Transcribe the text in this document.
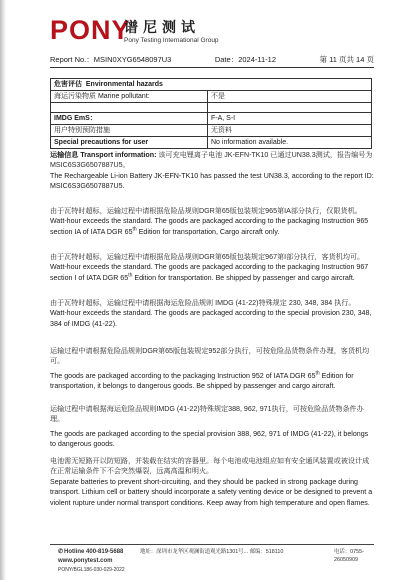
PONY
谱尼测试
Pony Testing International Group
Report No.：MSIN0XYG6548097U3	Date：2024-11-12	第 11 页共 14 页
危害评估 Environmental hazards	
海运污染物质 Marine pollutant:	不是

IMDG EmS：	F-A, S-I
用户特别预防措施	无资料
Special precautions for user	No information available.

运输信息 Transport information: 该可充电锂离子电池 JK-EFN-TK10 已通过UN38.3测试，报告编号为MSIC6S3G6507887U5。

The Rechargeable Li-ion Battery JK-EFN-TK10 has passed the test UN38.3, according to the report ID: MSIC6S3G6507887U5.

由于瓦特时超标，运输过程中请根据危险品规则DGR第65版包装规定965第IA部分执行，仅限货机。

Watt-hour exceeds the standard. The goods are packaged according to the packaging Instruction 965 section IA of IATA DGR 65th Edition for transportation, Cargo aircraft only.

由于瓦特时超标，运输过程中请根据危险品规则DGR第65版包装规定967第I部分执行，客货机均可。

Watt-hour exceeds the standard. The goods are packaged according to the packaging Instruction 967 section I of IATA DGR 65th Edition for transportation. Be shipped by passenger and cargo aircraft.

由于瓦特时超标，运输过程中请根据海运危险品规则 IMDG (41-22)特殊规定 230, 348, 384 执行。

Watt-hour exceeds the standard. The goods are packaged according to the special provision 230, 348, 384 of IMDG (41-22).

运输过程中请根据危险品规则DGR第65版包装规定952部分执行，可按危险品货物条件办理，客货机均可。

The goods are packaged according to the packaging Instruction 952 of IATA DGR 65th Edition for transportation, it belongs to dangerous goods. Be shipped by passenger and cargo aircraft.

运输过程中请根据海运危险品规则IMDG (41-22)特殊规定388, 962, 971执行，可按危险品货物条件办理。

The goods are packaged according to the special provision 388, 962, 971 of IMDG (41-22), it belongs to dangerous goods.

电池需无短路开以防短路，并装载在结实的容器里。每个电池或电池组应如有安全通风装置或被设计成在正常运输条件下不会突然爆裂，远离高温和明火。

Separate batteries to prevent short-circuiting, and they should be packed in strong package during transport. Lithium cell or battery should incorporate a safety venting device or be designed to prevent a violent rupture under normal transport conditions. Keep away from high temperature and open flames.

✆Hotline 400-819-5688
www.ponytest.com
PONY/BGL186-030-029-2022
地址：深圳市龙华区观澜街道观光路1301号... 邮编：518110	电话：0755-26050909
